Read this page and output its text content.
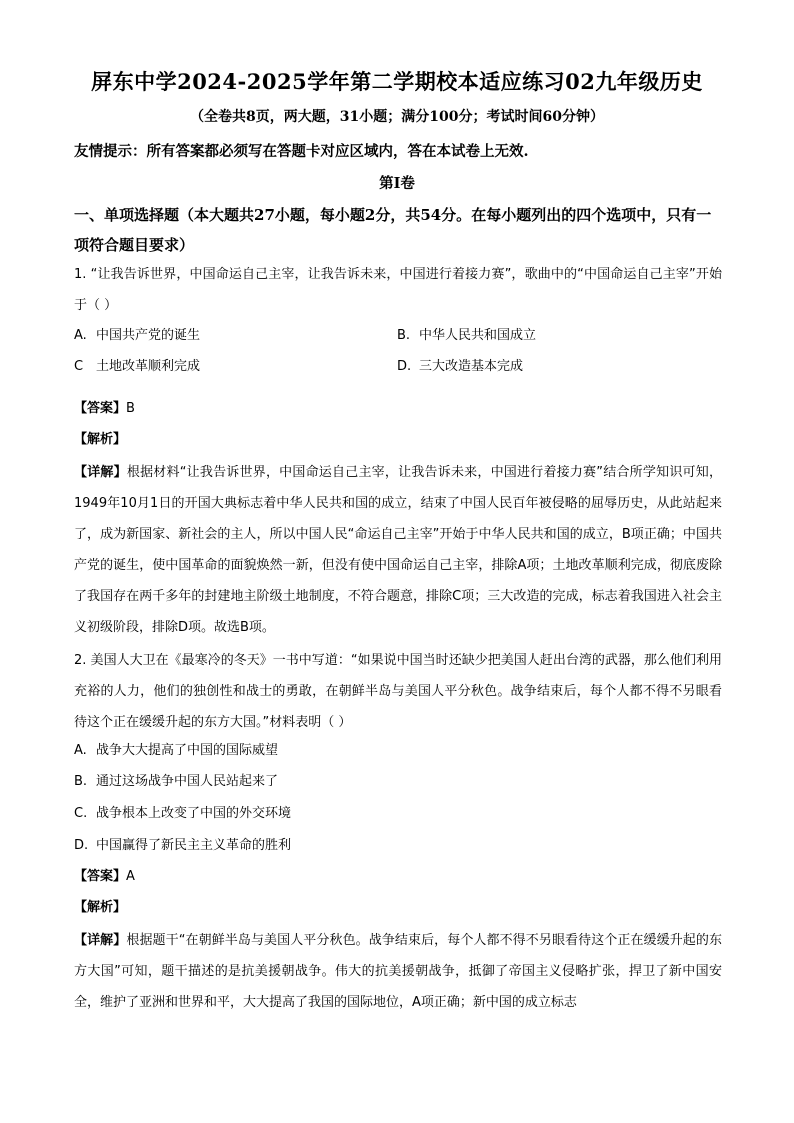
屏东中学2024-2025学年第二学期校本适应练习02九年级历史
（全卷共8页，两大题，31小题；满分100分；考试时间60分钟）
友情提示：所有答案都必须写在答题卡对应区域内，答在本试卷上无效.
第Ⅰ卷
一、单项选择题（本大题共27小题，每小题2分，共54分。在每小题列出的四个选项中，只有一项符合题目要求）
1. “让我告诉世界，中国命运自己主宰，让我告诉未来，中国进行着接力赛”，歌曲中的“中国命运自己主宰”开始于（ ）
A. 中国共产党的诞生	B. 中华人民共和国成立
C 土地改革顺利完成	D. 三大改造基本完成
【答案】B
【解析】
【详解】根据材料“让我告诉世界，中国命运自己主宰，让我告诉未来，中国进行着接力赛”结合所学知识可知，1949年10月1日的开国大典标志着中华人民共和国的成立，结束了中国人民百年被侵略的屈辱历史，从此站起来了，成为新国家、新社会的主人，所以中国人民“命运自己主宰”开始于中华人民共和国的成立，B项正确；中国共产党的诞生，使中国革命的面貌焕然一新，但没有使中国命运自己主宰，排除A项；土地改革顺利完成，彻底废除了我国存在两千多年的封建地主阶级土地制度，不符合题意，排除C项；三大改造的完成，标志着我国进入社会主义初级阶段，排除D项。故选B项。
2. 美国人大卫在《最寒冷的冬天》一书中写道：“如果说中国当时还缺少把美国人赶出台湾的武器，那么他们利用充裕的人力，他们的独创性和战士的勇敢，在朝鲜半岛与美国人平分秋色。战争结束后，每个人都不得不另眼看待这个正在缓缓升起的东方大国。”材料表明（ ）
A. 战争大大提高了中国的国际威望
B. 通过这场战争中国人民站起来了
C. 战争根本上改变了中国的外交环境
D. 中国赢得了新民主主义革命的胜利
【答案】A
【解析】
【详解】根据题干“在朝鲜半岛与美国人平分秋色。战争结束后，每个人都不得不另眼看待这个正在缓缓升起的东方大国”可知，题干描述的是抗美援朝战争。伟大的抗美援朝战争，抵御了帝国主义侵略扩张，捍卫了新中国安全，维护了亚洲和世界和平，大大提高了我国的国际地位，A项正确；新中国的成立标志
